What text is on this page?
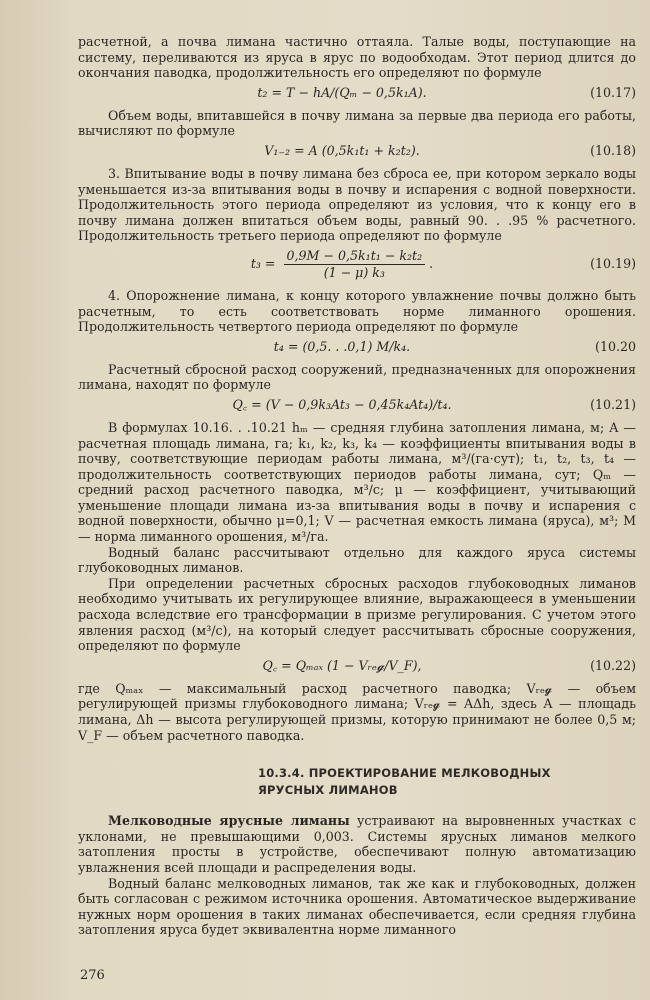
расчетной, а почва лимана частично оттаяла. Талые воды, поступающие на систему, переливаются из яруса в ярус по водообходам. Этот период длится до окончания паводка, продолжительность его определяют по формуле

t₂ = T − hA/(Qₘ − 0,5k₁A).	(10.17)

Объем воды, впитавшейся в почву лимана за первые два периода его работы, вычисляют по формуле

V₁₋₂ = A (0,5k₁t₁ + k₂t₂).	(10.18)

3. Впитывание воды в почву лимана без сброса ее, при котором зеркало воды уменьшается из-за впитывания воды в почву и испарения с водной поверхности. Продолжительность этого периода определяют из условия, что к концу его в почву лимана должен впитаться объем воды, равный 90. . .95 % расчетного. Продолжительность третьего периода определяют по формуле

$t_3 = \frac{\text{0,9M − 0,5k₁t₁ − k₂t₂}}{\text{(1 − μ) k₃}}$ .	(10.19)

4. Опорожнение лимана, к концу которого увлажнение почвы должно быть расчетным, то есть соответствовать норме лиманного орошения. Продолжительность четвертого периода определяют по формуле

t₄ = (0,5. . .0,1) M/k₄.	(10.20

Расчетный сбросной расход сооружений, предназначенных для опорожнения лимана, находят по формуле

Q꜀ = (V − 0,9k₃At₃ − 0,45k₄At₄)/t₄.	(10.21)

В формулах 10.16. . .10.21 hₘ — средняя глубина затопления лимана, м; A — расчетная площадь лимана, га; k₁, k₂, k₃, k₄ — коэффициенты впитывания воды в почву, соответствующие периодам работы лимана, м³/(га·сут); t₁, t₂, t₃, t₄ — продолжительность соответствующих периодов работы лимана, сут; Qₘ — средний расход расчетного паводка, м³/с; μ — коэффициент, учитывающий уменьшение площади лимана из-за впитывания воды в почву и испарения с водной поверхности, обычно μ=0,1; V — расчетная емкость лимана (яруса), м³; M — норма лиманного орошения, м³/га.

Водный баланс рассчитывают отдельно для каждого яруса системы глубоководных лиманов.

При определении расчетных сбросных расходов глубоководных лиманов необходимо учитывать их регулирующее влияние, выражающееся в уменьшении расхода вследствие его трансформации в призме регулирования. С учетом этого явления расход (м³/с), на который следует рассчитывать сбросные сооружения, определяют по формуле

Q꜀ = Qₘₐₓ (1 − Vᵣₑ𝓰/V_F),	(10.22)

где Qₘₐₓ — максимальный расход расчетного паводка; Vᵣₑ𝓰 — объем регулирующей призмы глубоководного лимана; Vᵣₑ𝓰 = AΔh, здесь A — площадь лимана, Δh — высота регулирующей призмы, которую принимают не более 0,5 м; V_F — объем расчетного паводка.

10.3.4. ПРОЕКТИРОВАНИЕ МЕЛКОВОДНЫХ
ЯРУСНЫХ ЛИМАНОВ

Мелководные ярусные лиманы устраивают на выровненных участках с уклонами, не превышающими 0,003. Системы ярусных лиманов мелкого затопления просты в устройстве, обеспечивают полную автоматизацию увлажнения всей площади и распределения воды.

Водный баланс мелководных лиманов, так же как и глубоководных, должен быть согласован с режимом источника орошения. Автоматическое выдерживание нужных норм орошения в таких лиманах обеспечивается, если средняя глубина затопления яруса будет эквивалентна норме лиманного

276
